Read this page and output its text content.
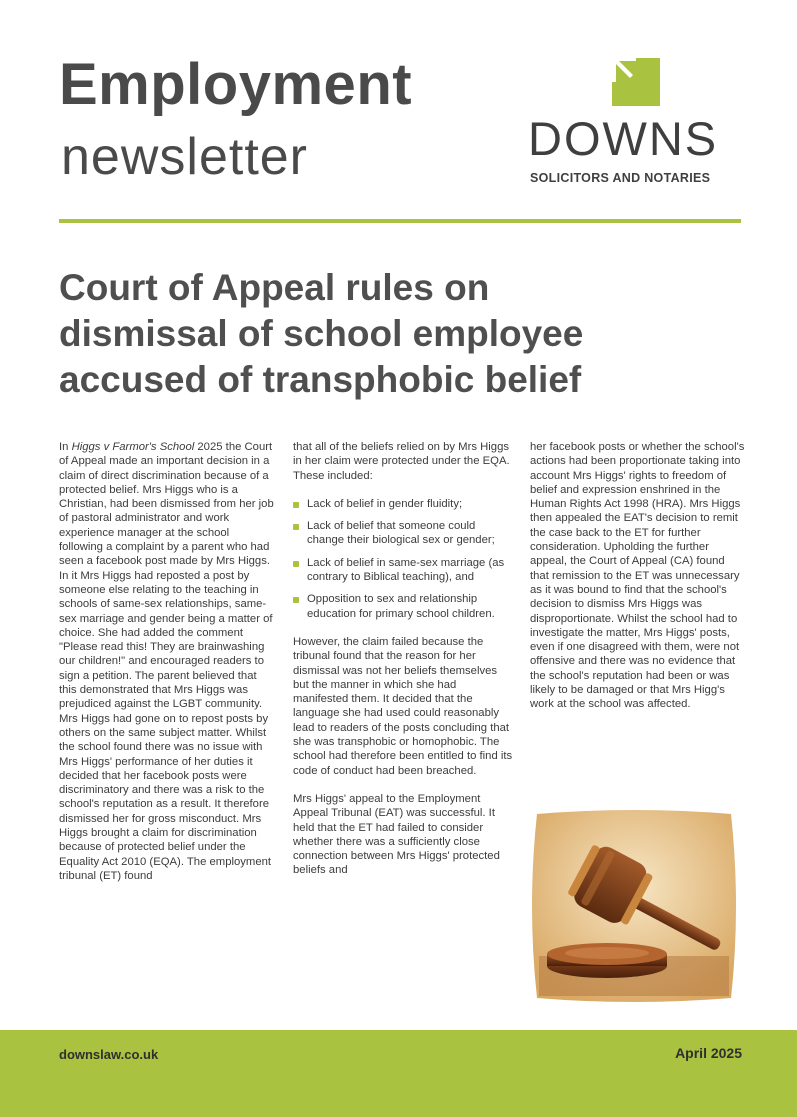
Employment
newsletter	DOWNS
SOLICITORS AND NOTARIES
Court of Appeal rules on
dismissal of school employee
accused of transphobic belief

In Higgs v Farmor's School 2025 the Court of Appeal made an important decision in a claim of direct discrimination because of a protected belief. Mrs Higgs who is a Christian, had been dismissed from her job of pastoral administrator and work experience manager at the school following a complaint by a parent who had seen a facebook post made by Mrs Higgs. In it Mrs Higgs had reposted a post by someone else relating to the teaching in schools of same-sex relationships, same-sex marriage and gender being a matter of choice. She had added the comment "Please read this! They are brainwashing our children!" and encouraged readers to sign a petition. The parent believed that this demonstrated that Mrs Higgs was prejudiced against the LGBT community. Mrs Higgs had gone on to repost posts by others on the same subject matter. Whilst the school found there was no issue with Mrs Higgs' performance of her duties it decided that her facebook posts were discriminatory and there was a risk to the school's reputation as a result. It therefore dismissed her for gross misconduct. Mrs Higgs brought a claim for discrimination because of protected belief under the Equality Act 2010 (EQA). The employment tribunal (ET) found

that all of the beliefs relied on by Mrs Higgs in her claim were protected under the EQA. These included:

Lack of belief in gender fluidity;
Lack of belief that someone could change their biological sex or gender;
Lack of belief in same-sex marriage (as contrary to Biblical teaching), and
Opposition to sex and relationship education for primary school children.

However, the claim failed because the tribunal found that the reason for her dismissal was not her beliefs themselves but the manner in which she had manifested them. It decided that the language she had used could reasonably lead to readers of the posts concluding that she was transphobic or homophobic. The school had therefore been entitled to find its code of conduct had been breached.

Mrs Higgs' appeal to the Employment Appeal Tribunal (EAT) was successful. It held that the ET had failed to consider whether there was a sufficiently close connection between Mrs Higgs' protected beliefs and

her facebook posts or whether the school's actions had been proportionate taking into account Mrs Higgs' rights to freedom of belief and expression enshrined in the Human Rights Act 1998 (HRA). Mrs Higgs then appealed the EAT's decision to remit the case back to the ET for further consideration. Upholding the further appeal, the Court of Appeal (CA) found that remission to the ET was unnecessary as it was bound to find that the school's decision to dismiss Mrs Higgs was disproportionate. Whilst the school had to investigate the matter, Mrs Higgs' posts, even if one disagreed with them, were not offensive and there was no evidence that the school's reputation had been or was likely to be damaged or that Mrs Higg's work at the school was affected.

downslaw.co.uk	April 2025
